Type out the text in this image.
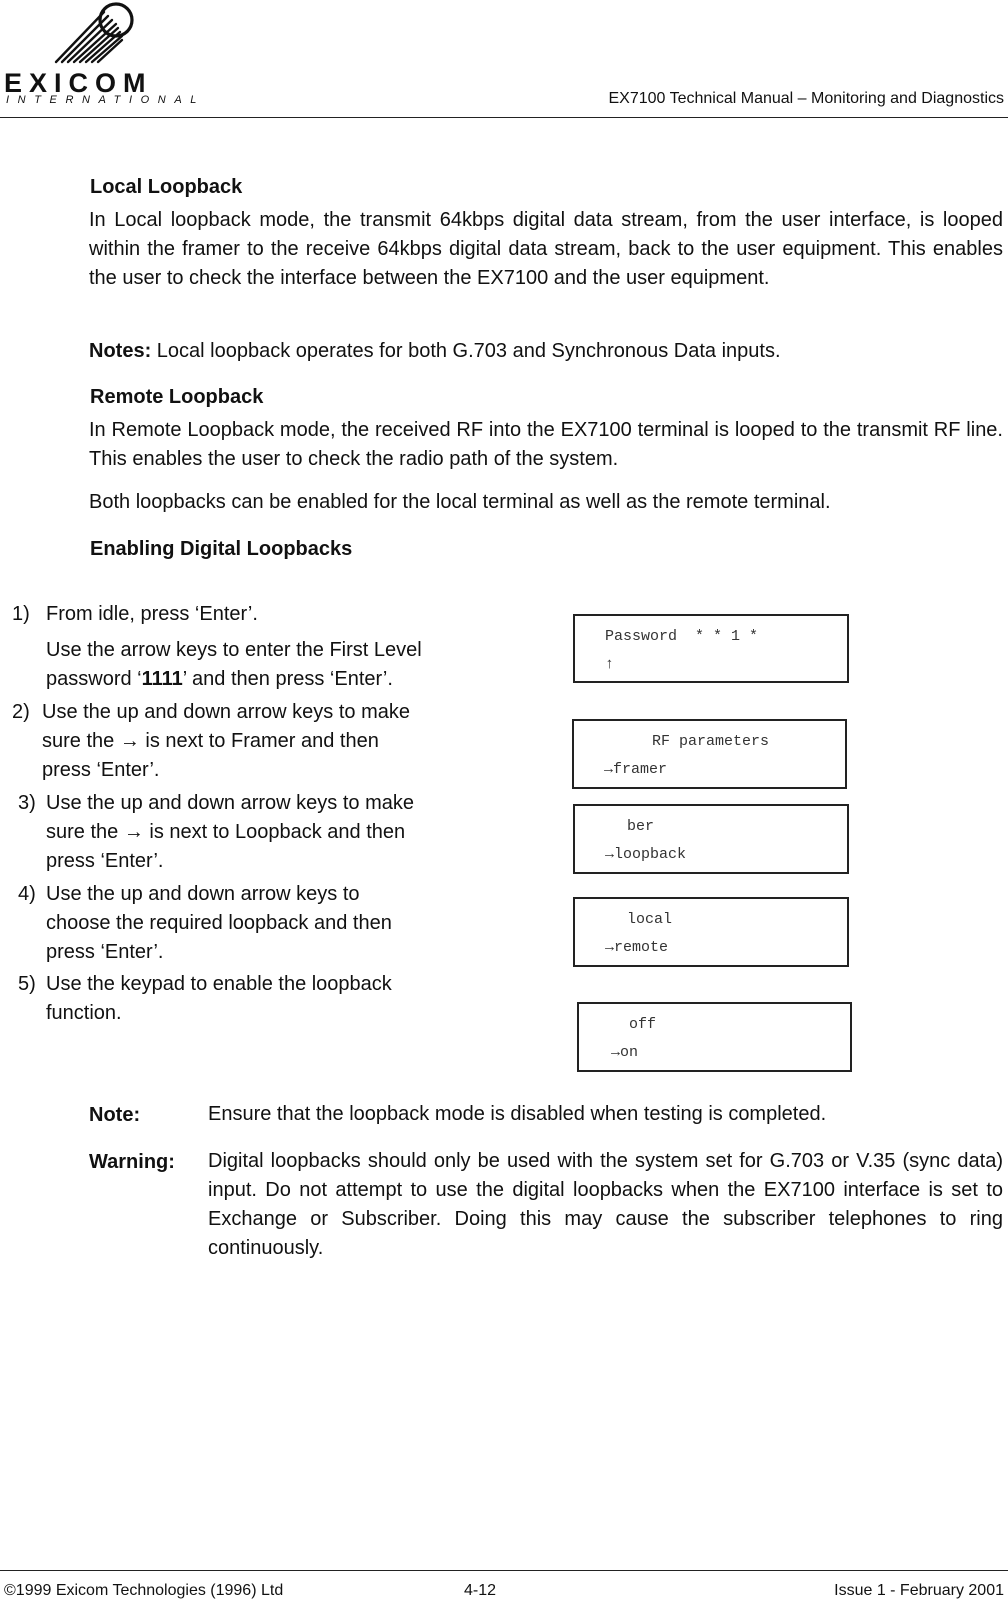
EXICOM
INTERNATIONAL	EX7100 Technical Manual – Monitoring and Diagnostics
Local Loopback
In Local loopback mode, the transmit 64kbps digital data stream, from the user interface, is looped within the framer to the receive 64kbps digital data stream, back to the user equipment. This enables the user to check the interface between the EX7100 and the user equipment.
Notes: Local loopback operates for both G.703 and Synchronous Data inputs.
Remote Loopback
In Remote Loopback mode, the received RF into the EX7100 terminal is looped to the transmit RF line. This enables the user to check the radio path of the system.
Both loopbacks can be enabled for the local terminal as well as the remote terminal.
Enabling Digital Loopbacks
1) From idle, press ‘Enter’.
Use the arrow keys to enter the First Level
password ‘1111’ and then press ‘Enter’.
2) Use the up and down arrow keys to make
sure the → is next to Framer and then
press ‘Enter’.
3) Use the up and down arrow keys to make
sure the → is next to Loopback and then
press ‘Enter’.
4) Use the up and down arrow keys to
choose the required loopback and then
press ‘Enter’.
5) Use the keypad to enable the loopback
function.
Password  * * 1 *
↑
RF parameters
→framer
ber
→loopback
local
→remote
off
→on
Note:	Ensure that the loopback mode is disabled when testing is completed.
Warning: Digital loopbacks should only be used with the system set for G.703 or V.35 (sync data) input. Do not attempt to use the digital loopbacks when the EX7100 interface is set to Exchange or Subscriber. Doing this may cause the subscriber telephones to ring continuously.
©1999 Exicom Technologies (1996) Ltd	4-12	Issue 1 - February 2001
